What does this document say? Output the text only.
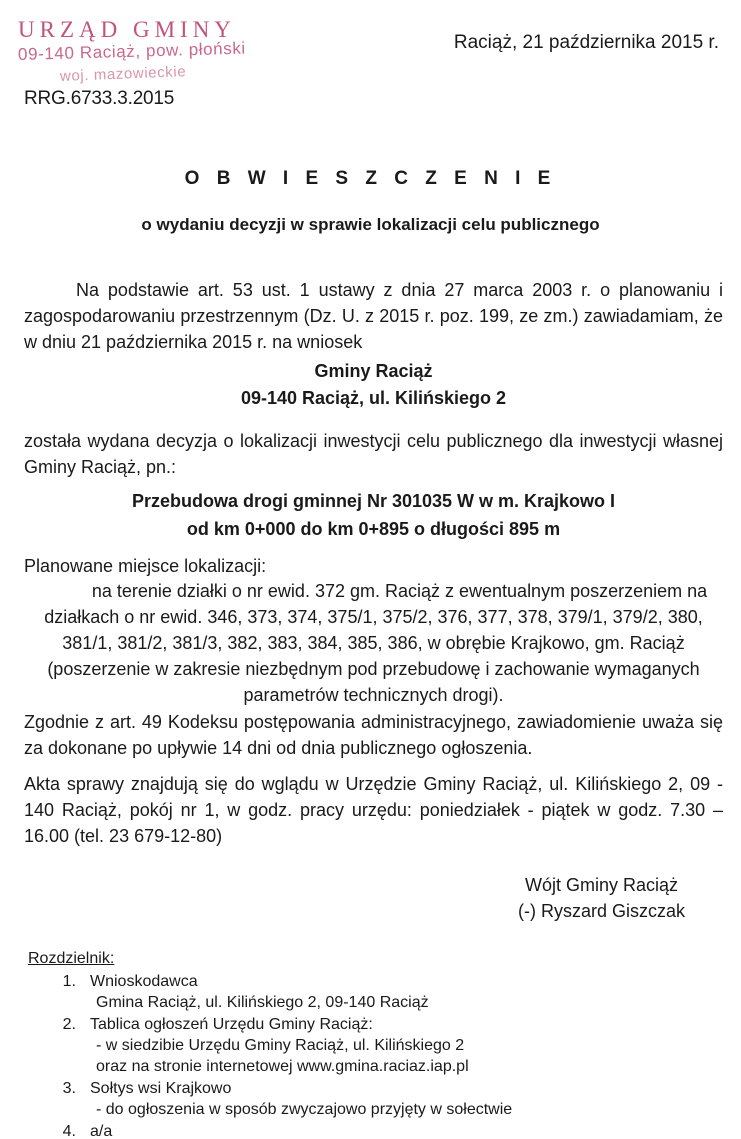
URZĄD GMINY
09-140 Raciąż, pow. płoński
woj. mazowieckie
RRG.6733.3.2015
Raciąż, 21 października 2015 r.
O B W I E S Z C Z E N I E
o wydaniu decyzji w sprawie lokalizacji celu publicznego
Na podstawie art. 53 ust. 1 ustawy z dnia 27 marca 2003 r. o planowaniu i zagospodarowaniu przestrzennym (Dz. U. z 2015 r. poz. 199, ze zm.) zawiadamiam, że w dniu 21 października 2015 r. na wniosek
Gminy Raciąż
09-140 Raciąż, ul. Kilińskiego 2
została wydana decyzja o lokalizacji inwestycji celu publicznego dla inwestycji własnej Gminy Raciąż, pn.:
Przebudowa drogi gminnej Nr 301035 W w m. Krajkowo I
od km 0+000 do km 0+895 o długości 895 m
Planowane miejsce lokalizacji:
na terenie działki o nr ewid. 372 gm. Raciąż z ewentualnym poszerzeniem na działkach o nr ewid. 346, 373, 374, 375/1, 375/2, 376, 377, 378, 379/1, 379/2, 380, 381/1, 381/2, 381/3, 382, 383, 384, 385, 386, w obrębie Krajkowo, gm. Raciąż (poszerzenie w zakresie niezbędnym pod przebudowę i zachowanie wymaganych parametrów technicznych drogi).
Zgodnie z art. 49 Kodeksu postępowania administracyjnego, zawiadomienie uważa się za dokonane po upływie 14 dni od dnia publicznego ogłoszenia.
Akta sprawy znajdują się do wglądu w Urzędzie Gminy Raciąż, ul. Kilińskiego 2, 09 - 140 Raciąż, pokój nr 1, w godz. pracy urzędu: poniedziałek - piątek w godz. 7.30 – 16.00 (tel. 23 679-12-80)
Wójt Gminy Raciąż
(-) Ryszard Giszczak
Rozdzielnik:
1. Wnioskodawca
Gmina Raciąż, ul. Kilińskiego 2, 09-140 Raciąż
2. Tablica ogłoszeń Urzędu Gminy Raciąż:
- w siedzibie Urzędu Gminy Raciąż, ul. Kilińskiego 2
oraz na stronie internetowej www.gmina.raciaz.iap.pl
3. Sołtys wsi Krajkowo
- do ogłoszenia w sposób zwyczajowo przyjęty w sołectwie
4. a/a
